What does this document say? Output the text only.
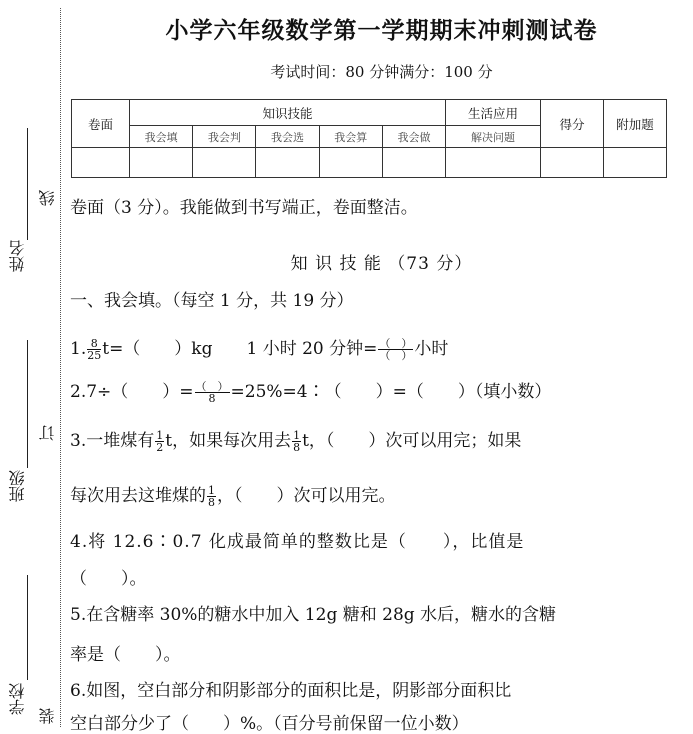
姓名
班级
学校
线
订
装
小学六年级数学第一学期期末冲刺测试卷
考试时间：80 分钟满分：100 分
卷面	知识技能					生活应用	得分	附加题
	我会填	我会判	我会选	我会算	我会做	解决问题		

卷面（3 分）。我能做到书写端正，卷面整洁。
知 识 技 能 （73 分）
一、我会填。（每空 1 分，共 19 分）
1. $\frac{8}{25} t=$（　　）kg　　1 小时 20 分钟= $\frac{( )}{( )}$ 小时
2.7÷（　　）= $\frac{( )}{8}$ =25%=4∶（　　）=（　　）（填小数）
3.一堆煤有 $\frac{1}{2}$ t，如果每次用去 $\frac{1}{8}$ t，（　　）次可以用完；如果
每次用去这堆煤的 $\frac{1}{8}$ ，（　　）次可以用完。
4.将 12.6∶0.7 化成最简单的整数比是（　　），比值是
（　　）。
5.在含糖率 30%的糖水中加入 12g 糖和 28g 水后，糖水的含糖
率是（　　）。
6.如图，空白部分和阴影部分的面积比是，阴影部分面积比
空白部分少了（　　）%。（百分号前保留一位小数）
